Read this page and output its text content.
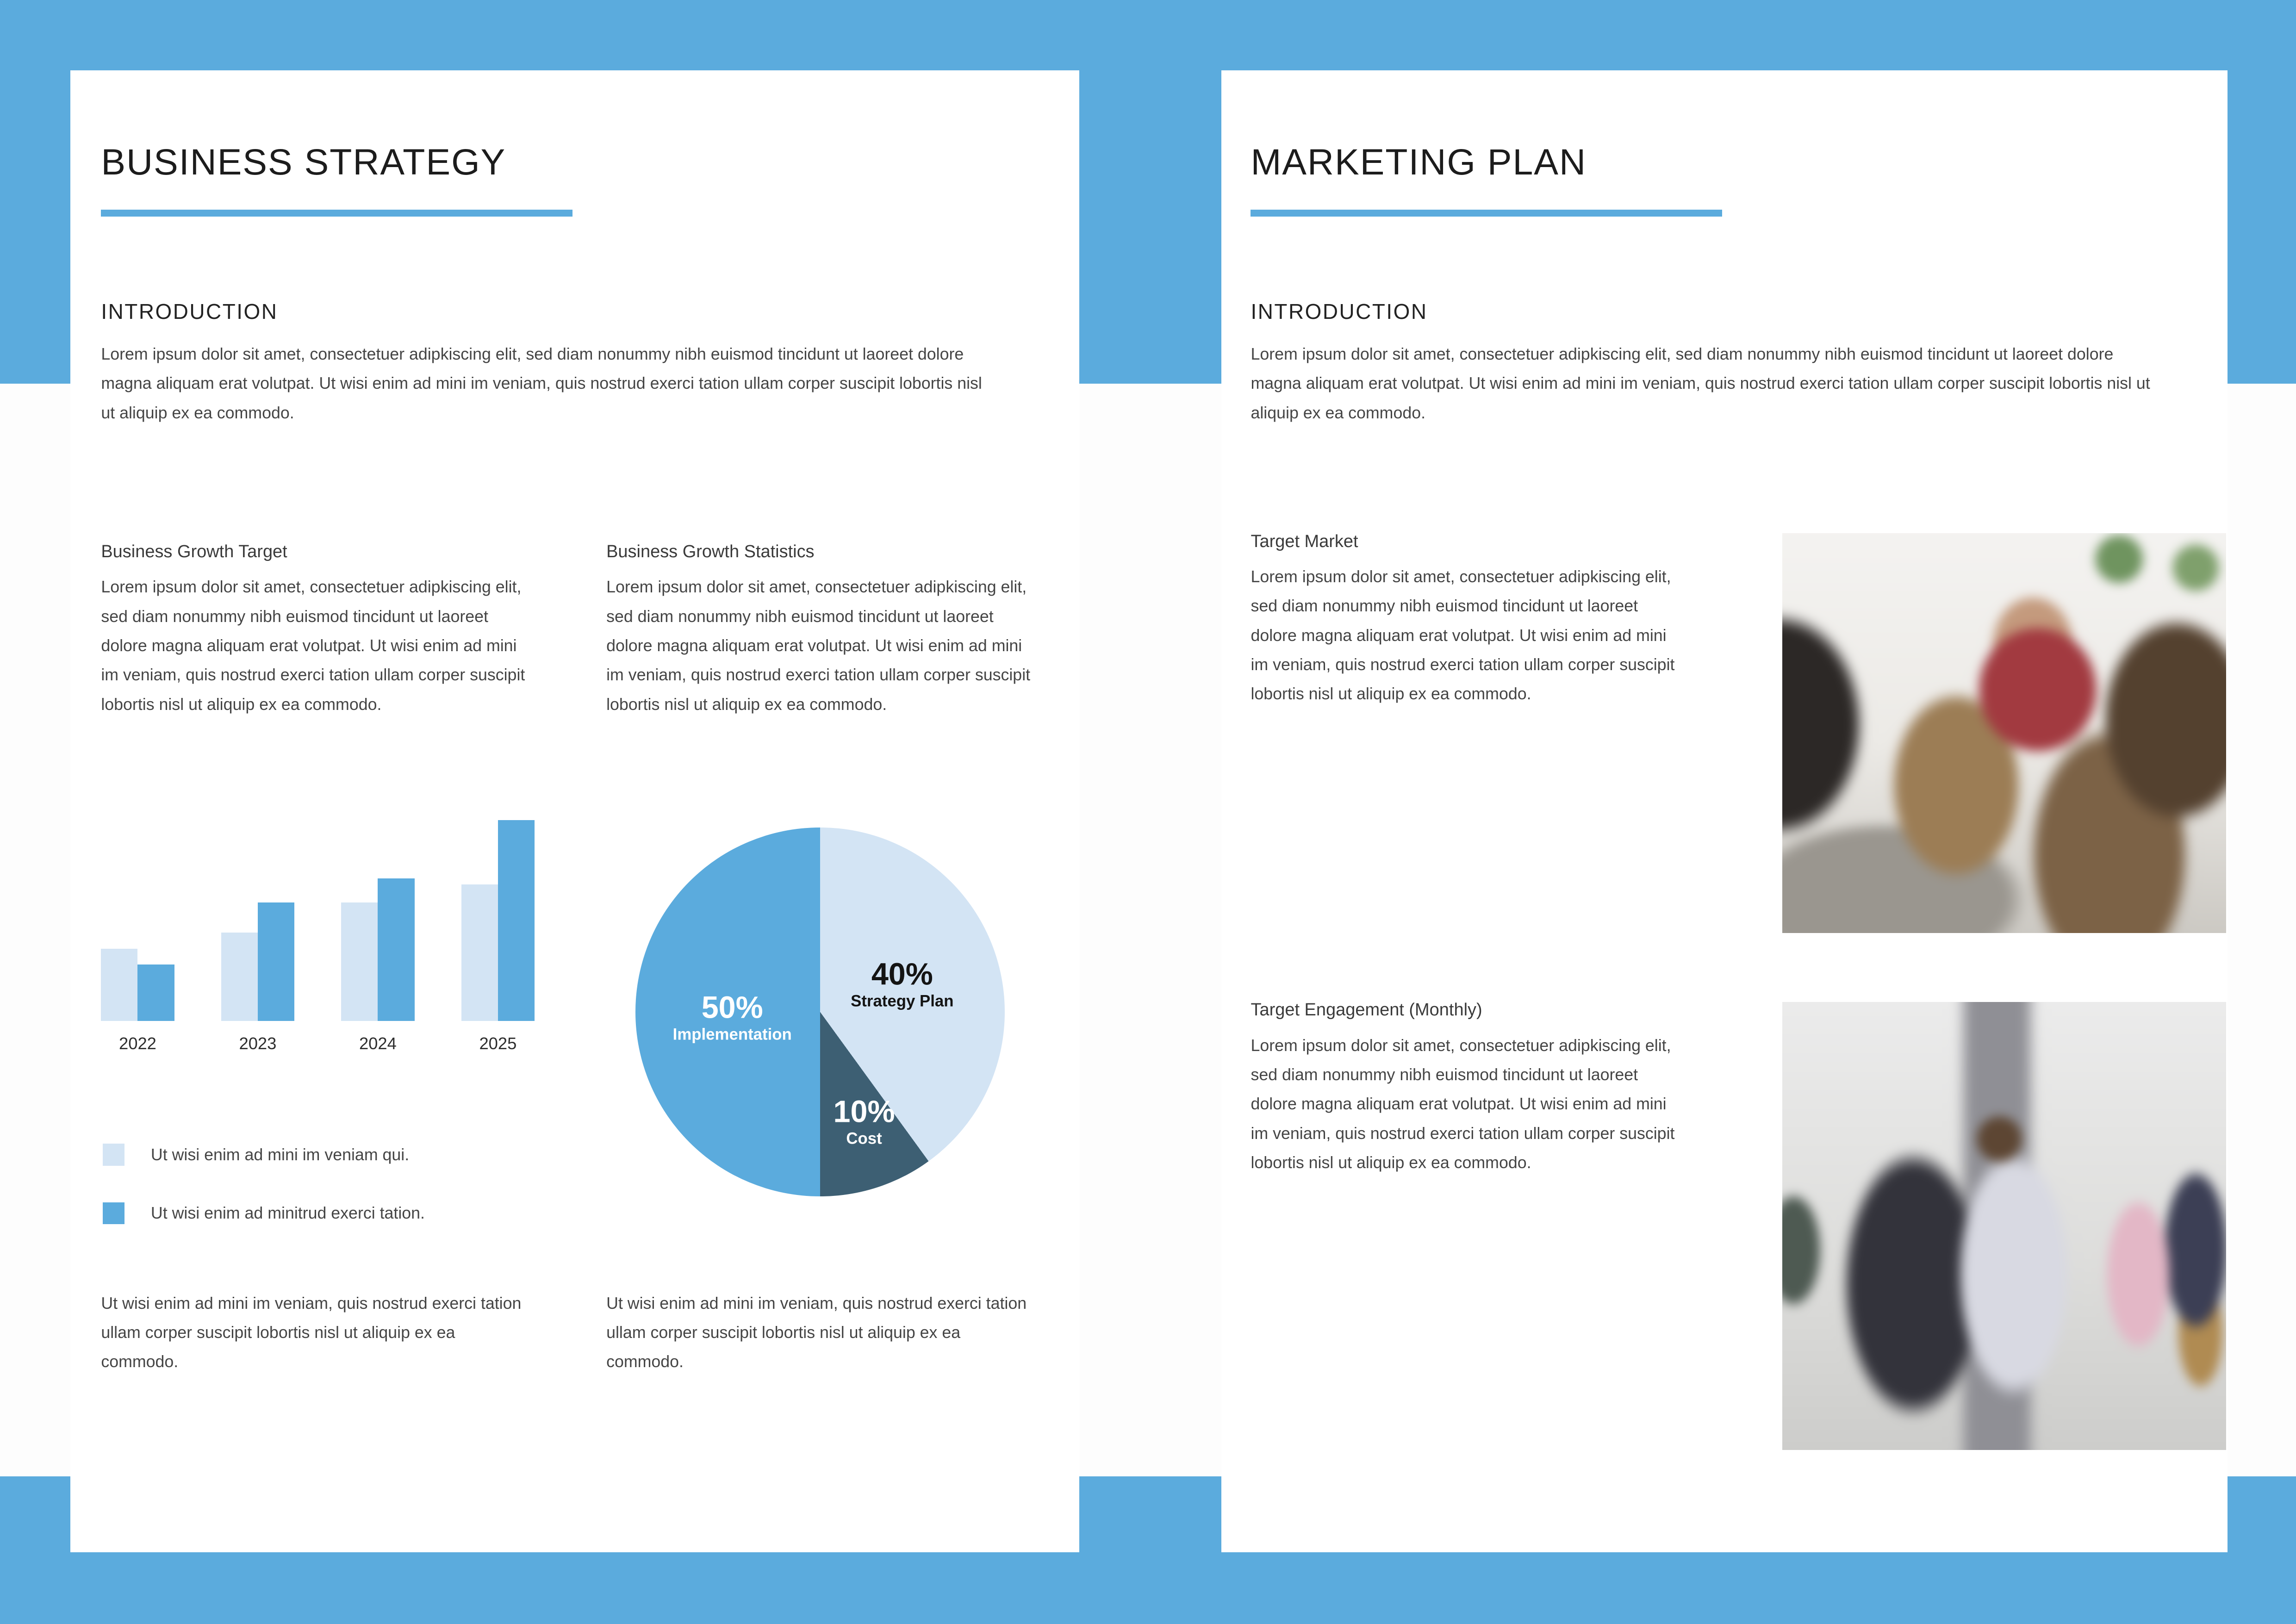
BUSINESS STRATEGY
INTRODUCTION
Lorem ipsum dolor sit amet, consectetuer adipkiscing elit, sed diam nonummy nibh euismod tincidunt ut laoreet dolore magna aliquam erat volutpat. Ut wisi enim ad mini im veniam, quis nostrud exerci tation ullam corper suscipit lobortis nisl ut aliquip ex ea commodo.
Business Growth Target
Lorem ipsum dolor sit amet, consectetuer adipkiscing elit, sed diam nonummy nibh euismod tincidunt ut laoreet dolore magna aliquam erat volutpat. Ut wisi enim ad mini im veniam, quis nostrud exerci tation ullam corper suscipit lobortis nisl ut aliquip ex ea commodo.
Business Growth Statistics
Lorem ipsum dolor sit amet, consectetuer adipkiscing elit, sed diam nonummy nibh euismod tincidunt ut laoreet dolore magna aliquam erat volutpat. Ut wisi enim ad mini im veniam, quis nostrud exerci tation ullam corper suscipit lobortis nisl ut aliquip ex ea commodo.
2022	2023	2024	2025
Ut wisi enim ad mini im veniam qui.
Ut wisi enim ad minitrud exerci tation.
Ut wisi enim ad mini im veniam, quis nostrud exerci tation ullam corper suscipit lobortis nisl ut aliquip ex ea commodo.
Ut wisi enim ad mini im veniam, quis nostrud exerci tation ullam corper suscipit lobortis nisl ut aliquip ex ea commodo.
40%
Strategy Plan
50%
Implementation
10%
Cost
MARKETING PLAN
INTRODUCTION
Lorem ipsum dolor sit amet, consectetuer adipkiscing elit, sed diam nonummy nibh euismod tincidunt ut laoreet dolore magna aliquam erat volutpat. Ut wisi enim ad mini im veniam, quis nostrud exerci tation ullam corper suscipit lobortis nisl ut aliquip ex ea commodo.
Target Market
Lorem ipsum dolor sit amet, consectetuer adipkiscing elit, sed diam nonummy nibh euismod tincidunt ut laoreet dolore magna aliquam erat volutpat. Ut wisi enim ad mini im veniam, quis nostrud exerci tation ullam corper suscipit lobortis nisl ut aliquip ex ea commodo.
Target Engagement (Monthly)
Lorem ipsum dolor sit amet, consectetuer adipkiscing elit, sed diam nonummy nibh euismod tincidunt ut laoreet dolore magna aliquam erat volutpat. Ut wisi enim ad mini im veniam, quis nostrud exerci tation ullam corper suscipit lobortis nisl ut aliquip ex ea commodo.
